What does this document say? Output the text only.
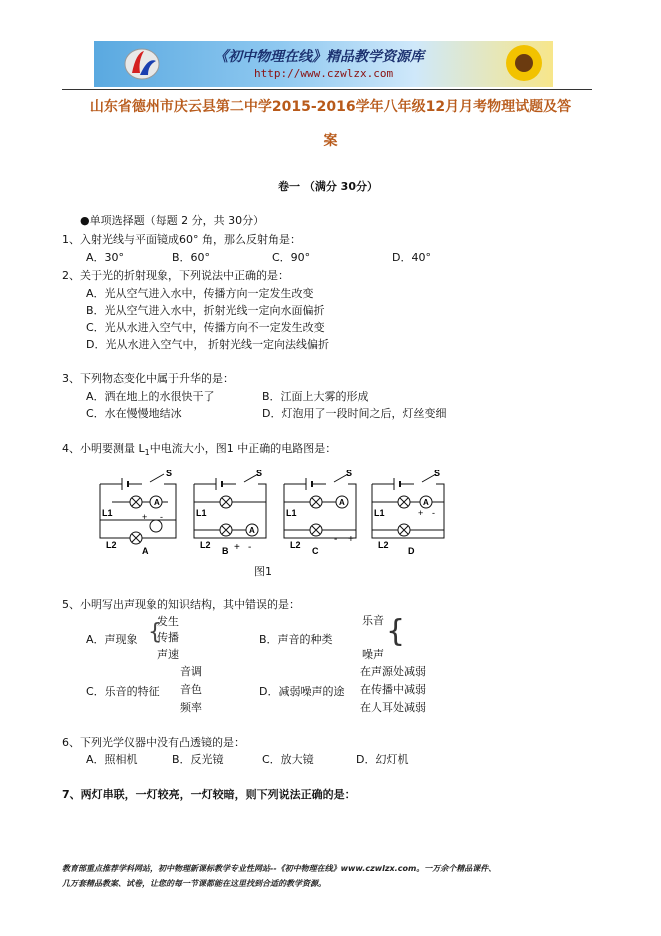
《初中物理在线》精品教学资源库
http://www.czwlzx.com
山东省德州市庆云县第二中学2015-2016学年八年级12月月考物理试题及答
案
卷一 （满分 30分）
●单项选择题（每题 2 分，共 30分）
1、入射光线与平面镜成60° 角，那么反射角是：
A．30°	B．60°	C．90°	D．40°
2、关于光的折射现象，下列说法中正确的是：
A．光从空气进入水中，传播方向一定发生改变
B．光从空气进入水中，折射光线一定向水面偏折
C．光从水进入空气中，传播方向不一定发生改变
D．光从水进入空气中， 折射光线一定向法线偏折
3、下列物态变化中属于升华的是：
A．洒在地上的水很快干了	B．江面上大雾的形成
C．水在慢慢地结冰	D．灯泡用了一段时间之后，灯丝变细
4、小明要测量 $L_1$中电流大小，图1 中正确的电路图是：
S
A
L1	+ -
L2
A
S
A
L1
L2
B + -
S
A
L1
L2
C
- +
S
A
+ -
L1
L2
D
图1
5、小明写出声现象的知识结构，其中错误的是：
A．声现象 {
发生
传播
声速
B．声音的种类
乐音 {
噪声
C．乐音的特征
音调
音色
频率
D．减弱噪声的途
在声源处减弱
在传播中减弱
在人耳处减弱
6、下列光学仪器中没有凸透镜的是：
A．照相机	B．反光镜	C．放大镜	D．幻灯机
7、两灯串联，一灯较亮，一灯较暗，则下列说法正确的是：
教育部重点推荐学科网站，初中物理新课标教学专业性网站--《初中物理在线》www.czwlzx.com。一万余个精品课件、
几万套精品教案、试卷，让您的每一节课都能在这里找到合适的教学资源。
